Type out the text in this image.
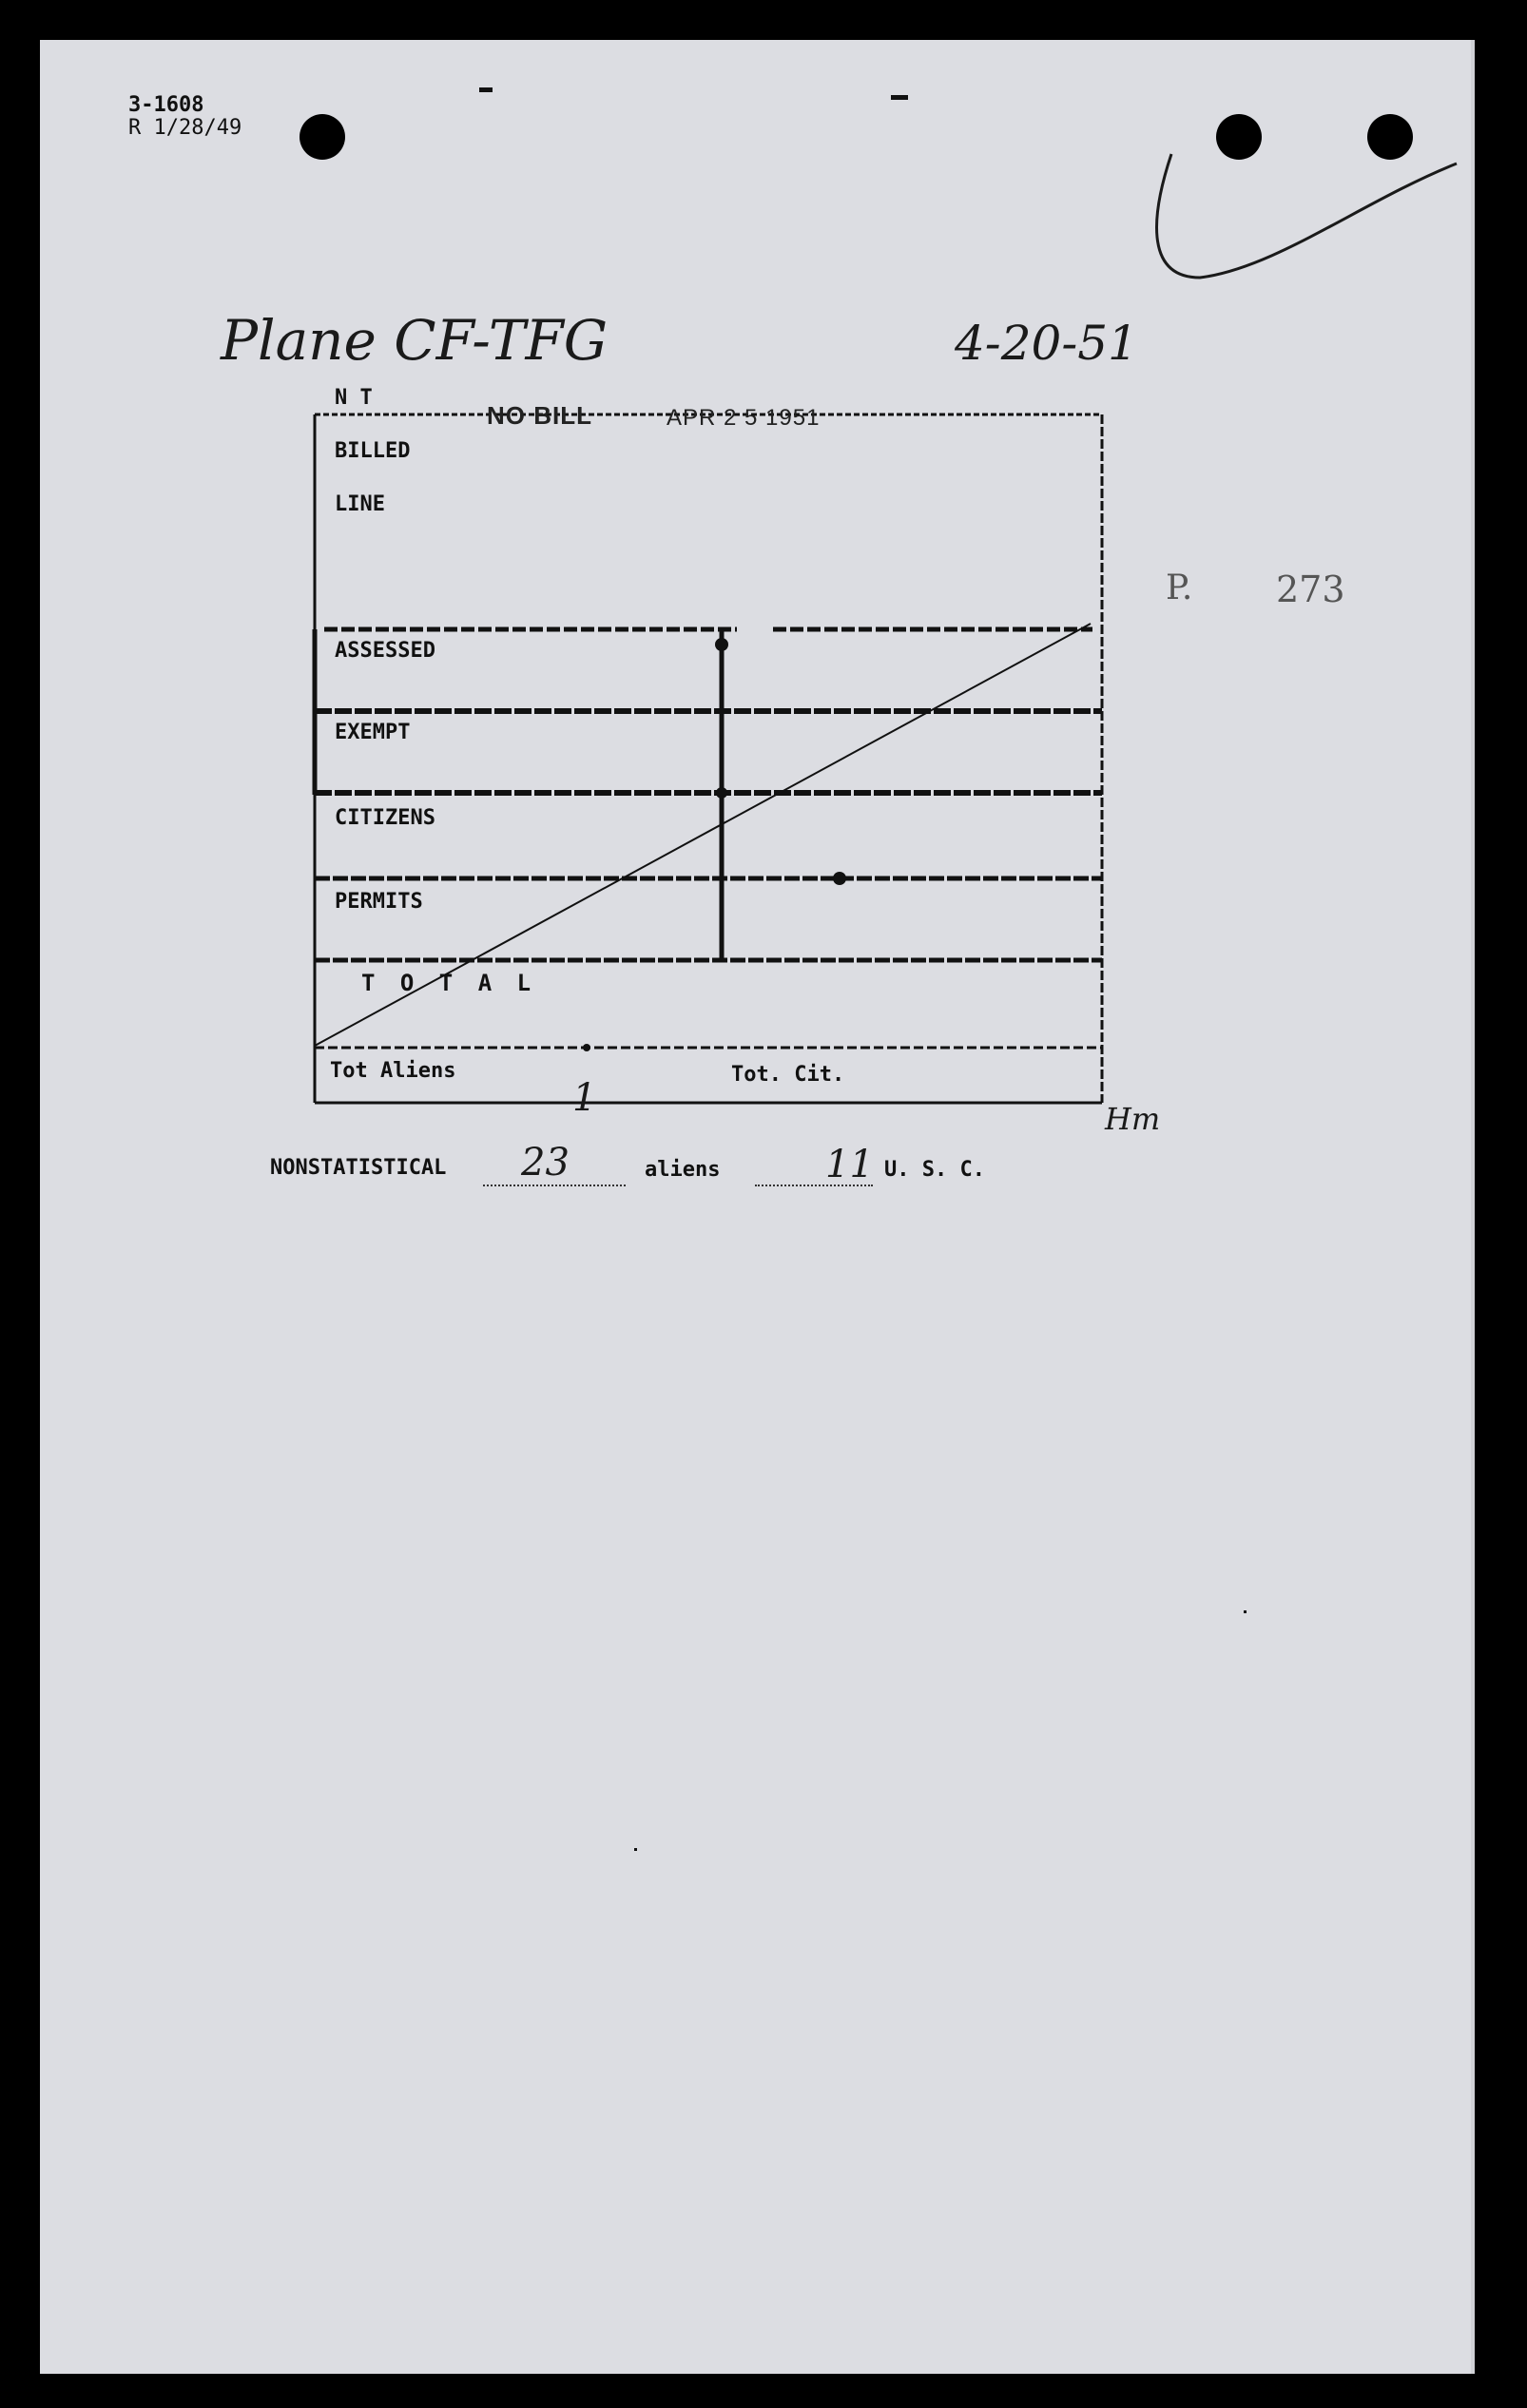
3-1608
R 1/28/49
Plane CF-TFG	4-20-51
P. 273
N T
BILLED
LINE
NO BILL	APR 2 5 1951
ASSESSED
EXEMPT
CITIZENS
PERMITS
T O T A L
Tot Aliens
1
Tot. Cit.
Hm
NONSTATISTICAL 23	aliens	11 U. S. C.
